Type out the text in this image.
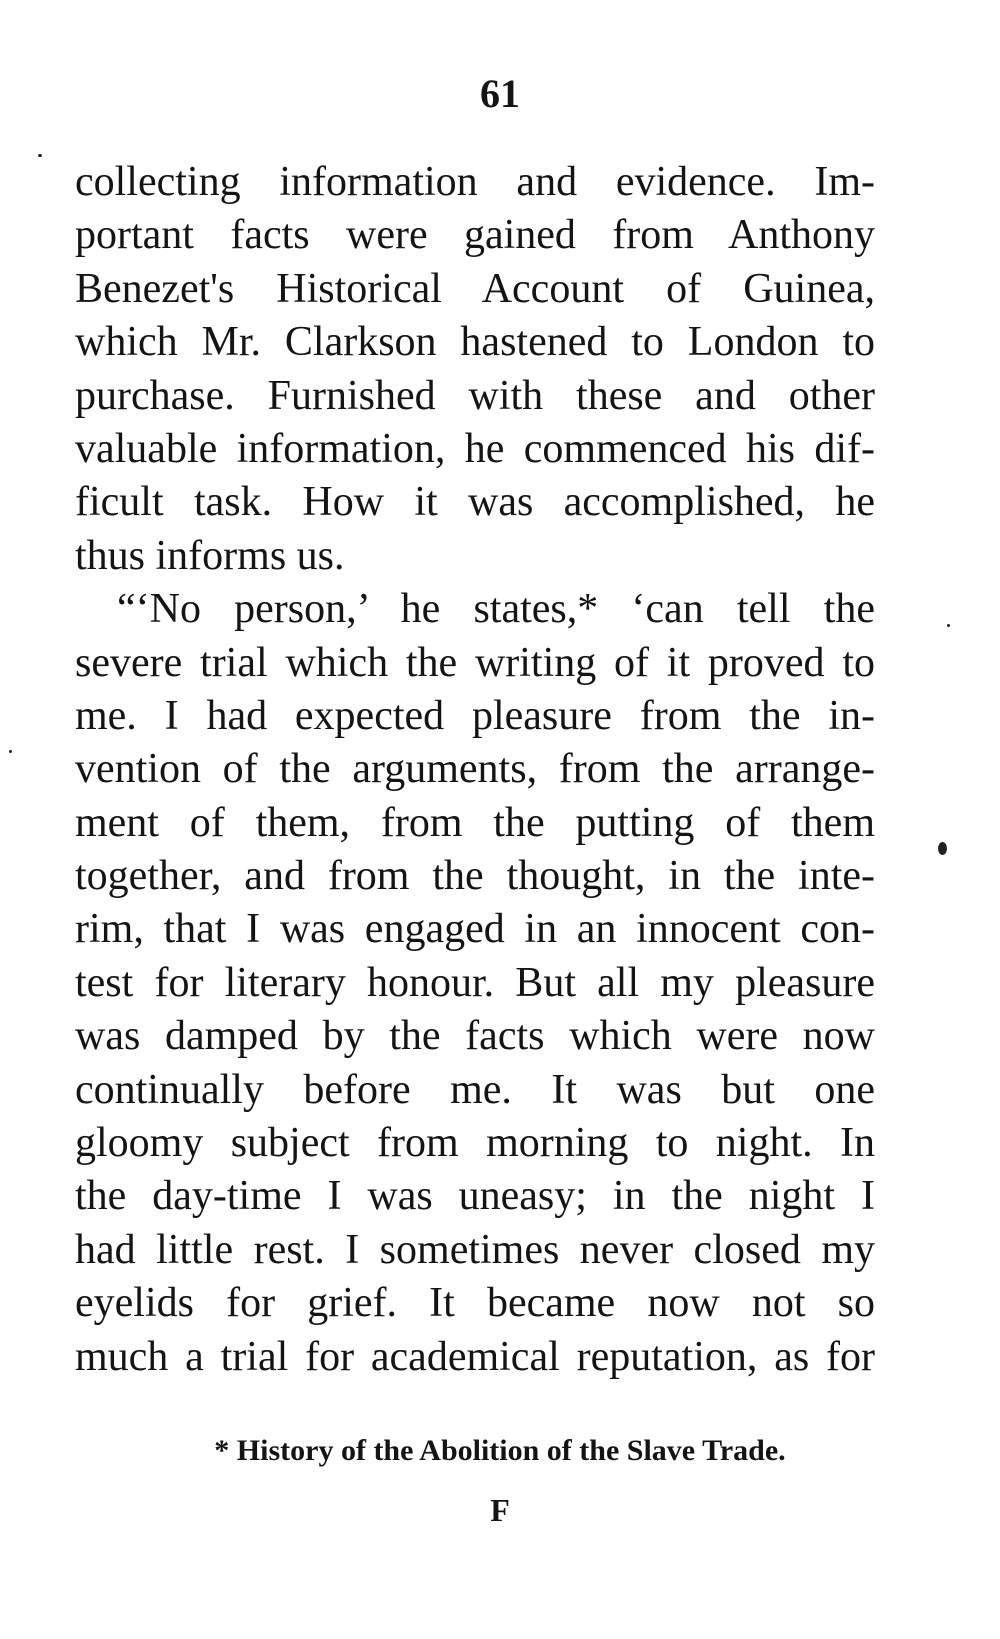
61
collecting information and evidence. Im-
portant facts were gained from Anthony
Benezet's Historical Account of Guinea,
which Mr. Clarkson hastened to London to
purchase. Furnished with these and other
valuable information, he commenced his dif-
ficult task. How it was accomplished, he
thus informs us.
“‘No person,’ he states,* ‘can tell the
severe trial which the writing of it proved to
me. I had expected pleasure from the in-
vention of the arguments, from the arrange-
ment of them, from the putting of them
together, and from the thought, in the inte-
rim, that I was engaged in an innocent con-
test for literary honour. But all my pleasure
was damped by the facts which were now
continually before me. It was but one
gloomy subject from morning to night. In
the day-time I was uneasy; in the night I
had little rest. I sometimes never closed my
eyelids for grief. It became now not so
much a trial for academical reputation, as for
* History of the Abolition of the Slave Trade.
F
